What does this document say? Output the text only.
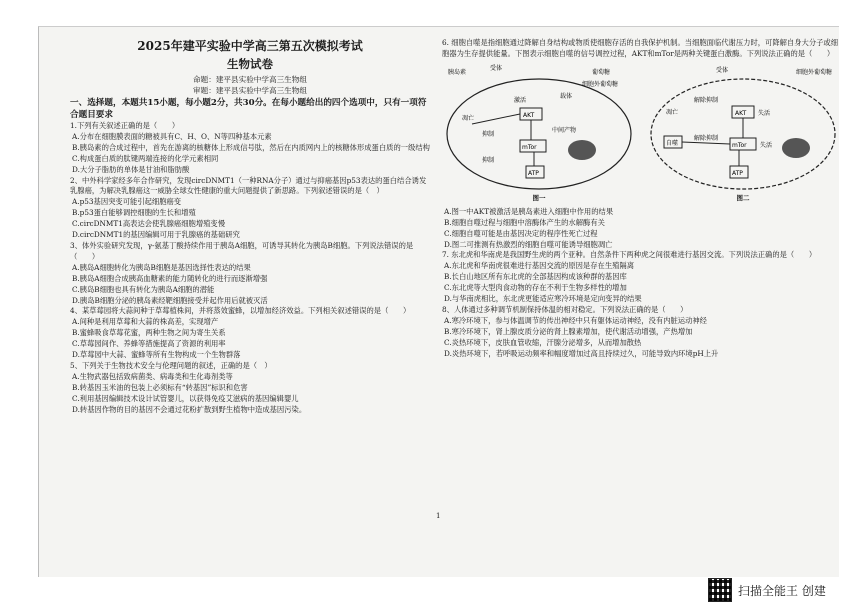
2025年建平实验中学高三第五次模拟考试
生物试卷
命题：建平县实验中学高三生物组
审题：建平县实验中学高三生物组
一、选择题，本题共15小题，每小题2分，共30分。在每小题给出的四个选项中，只有一项符合题目要求
1.下列有关叙述正确的是（　　）
A.分布在细胞膜表面的糖被具有C、H、O、N等四种基本元素
B.胰岛素的合成过程中，首先在游离的核糖体上形成信号肽，然后在内质网内上的核糖体形成蛋白质的一级结构
C.构成蛋白质的肽键两端连接的化学元素相同
D.大分子脂肪的单体是甘油和脂肪酸
2、中外科学家经多年合作研究，发现circDNMT1（一种RNA分子）通过与抑癌基因p53表达的蛋白结合诱发乳腺癌，为解决乳腺癌这一威胁全球女性健康的重大问题提供了新思路。下列叙述错误的是（　）
A.p53基因突变可能引起细胞癌变
B.p53蛋白能够调控细胞的生长和增殖
C.circDNMT1高表达会使乳腺癌细胞增殖变慢
D.circDNMT1的基因编辑可用于乳腺癌的基础研究
3、体外实验研究发现，γ-氨基丁酸持续作用于胰岛A细胞，可诱导其转化为胰岛B细胞。下列说法错误的是（　　）
A.胰岛A细胞转化为胰岛B细胞是基因选择性表达的结果
B.胰岛A细胞合成胰高血糖素的能力随转化的进行而逐渐增强
C.胰岛B细胞也具有转化为胰岛A细胞的潜能
D.胰岛B细胞分泌的胰岛素经靶细胞接受并起作用后就被灭活
4、某草莓园将大蒜间种于草莓植株间，并将蒸效蜜蜂，以增加经济效益。下列相关叙述错误的是（　　）
A.间种是利用草莓和大蒜的株高差，实现增产
B.蜜蜂吸食草莓花蜜，两种生物之间为寄生关系
C.草莓园间作、养蜂等措施提高了资源的利用率
D.草莓园中大蒜、蜜蜂等所有生物构成一个生物群落
5、下列关于生物技术安全与伦理问题的叙述，正确的是（　）
A.生物武器包括致病菌类、病毒类和生化毒剂类等
B.转基因玉米油的包装上必须标有“转基因”标识和危害
C.利用基因编辑技术设计试管婴儿，以获得免疫艾滋病的基因编辑婴儿
D.转基因作物的目的基因不会通过花粉扩散到野生植物中造成基因污染。
6. 细胞自噬是指细胞通过降解自身结构或物质使细胞存活的自我保护机制。当细胞面临代谢压力时，可降解自身大分子或细胞器为生存提供能量。下图表示细胞自噬的信号调控过程，AKT和mTor是两种关键蛋白激酶。下列说法正确的是（　　）
胰岛素
受体
葡萄糖
凋亡
激活
抑制
AKT
载体
中间产物
mTor
抑制
ATP
细胞外葡萄糖
图一
受体	细胞外葡萄糖
凋亡
解除抑制
AKT 失活
自噬
解除抑制
mTor 失活
ATP
图二
A.图一中AKT被激活是胰岛素进入细胞中作用的结果
B.细胞自噬过程与细胞中溶酶体产生的水解酶有关
C.细胞自噬可能是由基因决定的程序性死亡过程
D.图二可推测有热激烈的细胞自噬可能诱导细胞凋亡
7. 东北虎和华南虎是我国野生虎的两个亚种。自然条件下两种虎之间很难进行基因交流。下列说法正确的是（　　）
A.东北虎和华南虎很难进行基因交流的原因是存在生殖隔离
B.长白山地区所有东北虎的全部基因构成该种群的基因库
C.东北虎等大型肉食动物的存在不利于生物多样性的增加
D.与华南虎相比，东北虎更能适应寒冷环境是定向变异的结果
8、人体通过多种调节机制保持体温的相对稳定。下列说法正确的是（　　）
A.寒冷环境下，参与体温调节的传出神经中只有躯体运动神经，没有内脏运动神经
B.寒冷环境下，肾上腺皮质分泌的肾上腺素增加，使代谢活动增强，产热增加
C.炎热环境下，皮肤血管收缩，汗腺分泌增多，从而增加散热
D.炎热环境下，若呼吸运动频率和幅度增加过高且持续过久，可能导致内环境pH上升
1
扫描全能王 创建
